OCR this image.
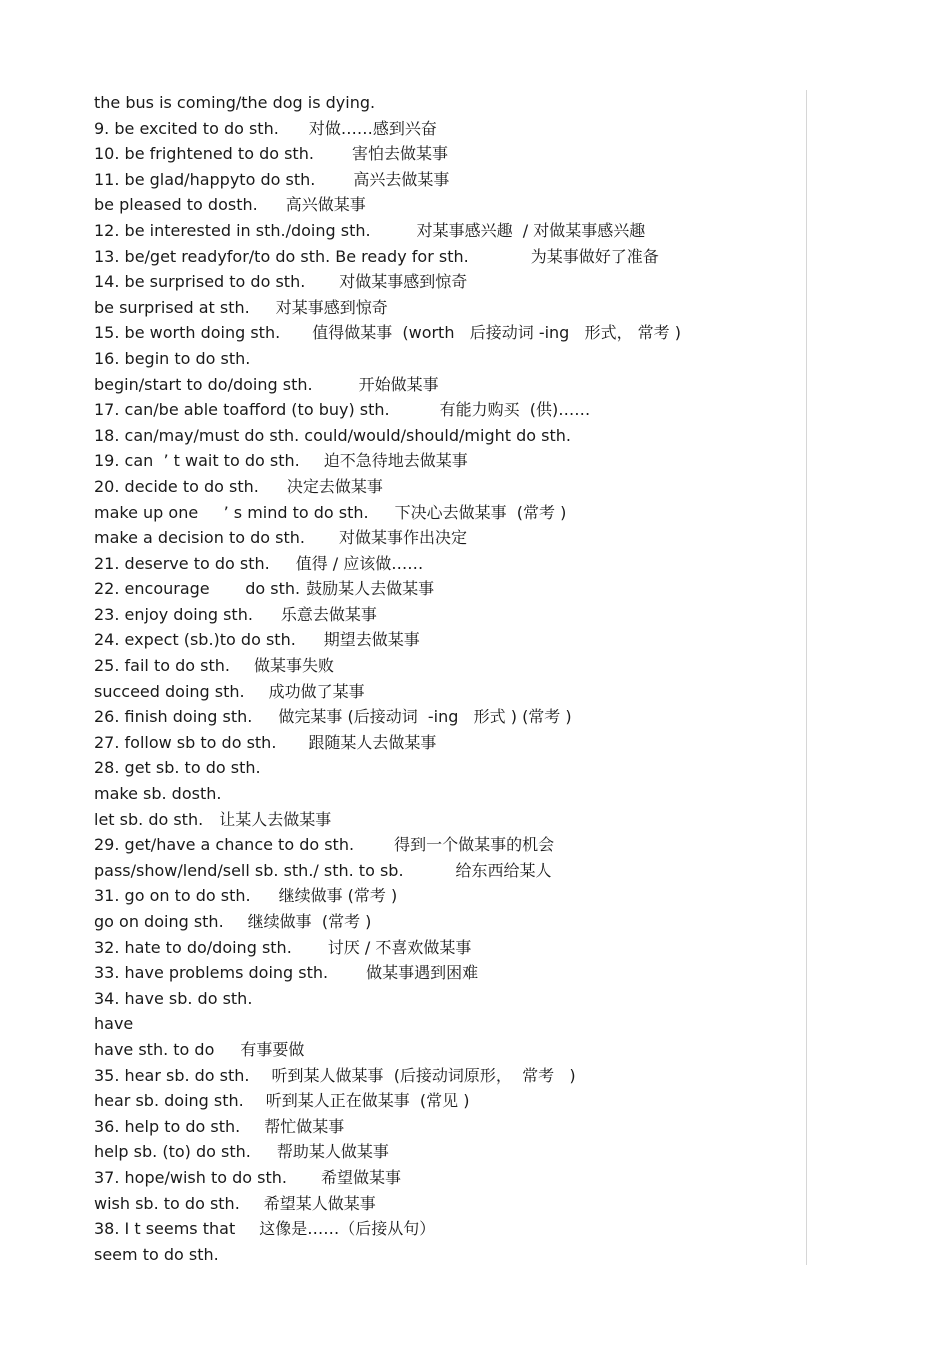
the bus is coming/the dog is dying.
9. be excited to do sth. 对做……感到兴奋
10. be frightened to do sth. 害怕去做某事
11. be glad/happyto do sth. 高兴去做某事
be pleased to dosth. 高兴做某事
12. be interested in sth./doing sth.	对某事感兴趣  / 对做某事感兴趣
13. be/get readyfor/to do sth. Be ready for sth.	为某事做好了准备
14. be surprised to do sth. 对做某事感到惊奇
be surprised at sth. 对某事感到惊奇
15. be worth doing sth. 值得做某事  (worth   后接动词 -ing   形式， 常考 )
16. begin to do sth.
begin/start to do/doing sth.	开始做某事
17. can/be able toafford (to buy) sth.	有能力购买  (供)……
18. can/may/must do sth. could/would/should/might do sth.
19. can  ’ t wait to do sth. 迫不急待地去做某事
20. decide to do sth. 决定去做某事
make up one     ’ s mind to do sth. 下决心去做某事  (常考 )
make a decision to do sth. 对做某事作出决定
21. deserve to do sth. 值得 / 应该做……
22. encourage       do sth. 鼓励某人去做某事
23. enjoy doing sth. 乐意去做某事
24. expect (sb.)to do sth. 期望去做某事
25. fail to do sth. 做某事失败
succeed doing sth. 成功做了某事
26. finish doing sth. 做完某事 (后接动词  -ing   形式 ) (常考 )
27. follow sb to do sth. 跟随某人去做某事
28. get sb. to do sth.
make sb. dosth.
let sb. do sth. 让某人去做某事
29. get/have a chance to do sth.	得到一个做某事的机会
pass/show/lend/sell sb. sth./ sth. to sb.	给东西给某人
31. go on to do sth. 继续做事 (常考 )
go on doing sth. 继续做事  (常考 )
32. hate to do/doing sth. 讨厌 / 不喜欢做某事
33. have problems doing sth. 做某事遇到困难
34. have sb. do sth.
have
have sth. to do 有事要做
35. hear sb. do sth. 听到某人做某事  (后接动词原形，  常考   )
hear sb. doing sth. 听到某人正在做某事  (常见 )
36. help to do sth. 帮忙做某事
help sb. (to) do sth. 帮助某人做某事
37. hope/wish to do sth. 希望做某事
wish sb. to do sth. 希望某人做某事
38. I t seems that 这像是……（后接从句）
seem to do sth.
